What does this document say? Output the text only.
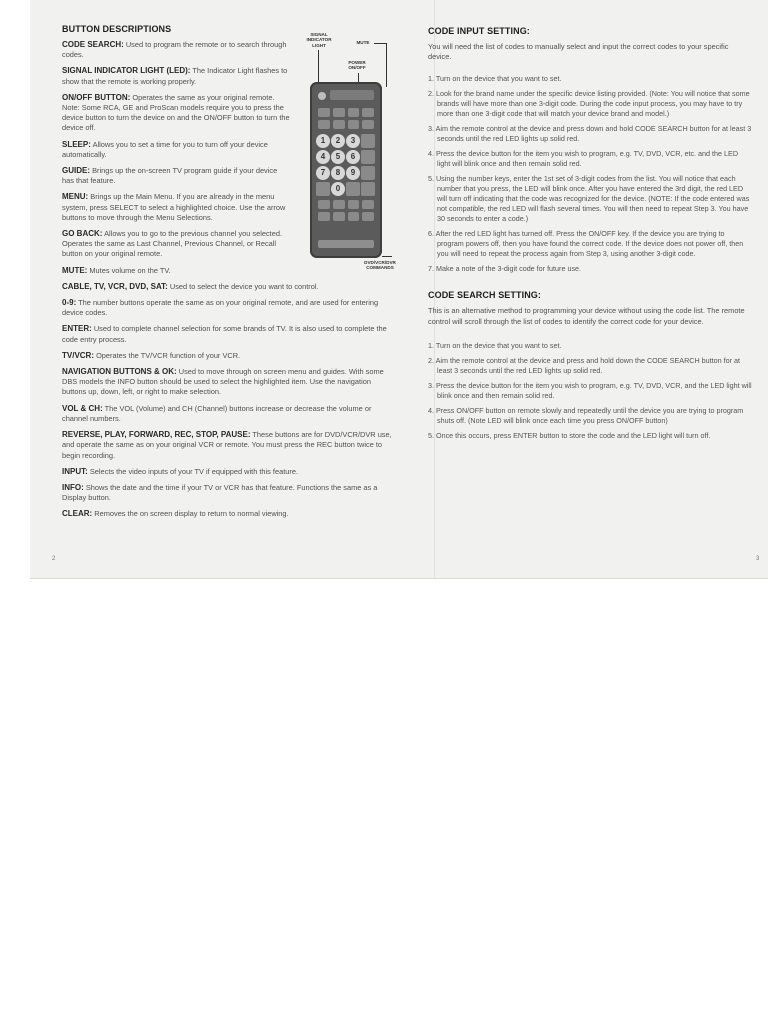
BUTTON DESCRIPTIONS
CODE SEARCH: Used to program the remote or to search through codes.
SIGNAL INDICATOR LIGHT (LED): The Indicator Light flashes to show that the remote is working properly.
ON/OFF BUTTON: Operates the same as your original remote. Note: Some RCA, GE and ProScan models require you to press the device button to turn the device on and the ON/OFF button to turn the device off.
SLEEP: Allows you to set a time for you to turn off your device automatically.
GUIDE: Brings up the on-screen TV program guide if your device has that feature.
MENU: Brings up the Main Menu. If you are already in the menu system, press SELECT to select a highlighted choice. Use the arrow buttons to move through the Menu Selections.
GO BACK: Allows you to go to the previous channel you selected. Operates the same as Last Channel, Previous Channel, or Recall button on your original remote.
MUTE: Mutes volume on the TV.
CABLE, TV, VCR, DVD, SAT: Used to select the device you want to control.
0-9: The number buttons operate the same as on your original remote, and are used for entering device codes.
ENTER: Used to complete channel selection for some brands of TV. It is also used to complete the code entry process.
TV/VCR: Operates the TV/VCR function of your VCR.
NAVIGATION BUTTONS & OK: Used to move through on screen menu and guides. With some DBS models the INFO button should be used to select the highlighted item. Use the navigation buttons up, down, left, or right to make selection.
VOL & CH: The VOL (Volume) and CH (Channel) buttons increase or decrease the volume or channel numbers.
REVERSE, PLAY, FORWARD, REC, STOP, PAUSE: These buttons are for DVD/VCR/DVR use, and operate the same as on your original VCR or remote. You must press the REC button twice to begin recording.
INPUT: Selects the video inputs of your TV if equipped with this feature.
INFO: Shows the date and the time if your TV or VCR has that feature. Functions the same as a Display button.
CLEAR: Removes the on screen display to return to normal viewing.
SIGNAL INDICATOR LIGHT
MUTE
POWER ON/OFF
1	2	3
4	5	6
7	8	9
0
DVD/VCR/DVR COMMANDS
2
CODE INPUT SETTING:
You will need the list of codes to manually select and input the correct codes to your specific device.
1. Turn on the device that you want to set.
2. Look for the brand name under the specific device listing provided. (Note: You will notice that some brands will have more than one 3-digit code. During the code input process, you may have to try more than one 3-digit code that will match your device brand and model.)
3. Aim the remote control at the device and press down and hold CODE SEARCH button for at least 3 seconds until the red LED lights up solid red.
4. Press the device button for the item you wish to program, e.g. TV, DVD, VCR, etc. and the LED light will blink once and then remain solid red.
5. Using the number keys, enter the 1st set of 3-digit codes from the list. You will notice that each number that you press, the LED will blink once. After you have entered the 3rd digit, the red LED will turn off indicating that the code was recognized for the device. (NOTE: If the code entered was not compatible, the red LED will flash several times. You will then need to repeat Step 3. You have 30 seconds to enter a code.)
6. After the red LED light has turned off. Press the ON/OFF key. If the device you are trying to program powers off, then you have found the correct code. If the device does not power off, then you will need to repeat the process again from Step 3, using another 3-digit code.
7. Make a note of the 3-digit code for future use.
CODE SEARCH SETTING:
This is an alternative method to programming your device without using the code list. The remote control will scroll through the list of codes to identify the correct code for your device.
1. Turn on the device that you want to set.
2. Aim the remote control at the device and press and hold down the CODE SEARCH button for at least 3 seconds until the red LED lights up solid red.
3. Press the device button for the item you wish to program, e.g. TV, DVD, VCR, and the LED light will blink once and then remain solid red.
4. Press ON/OFF button on remote slowly and repeatedly until the device you are trying to program shuts off. (Note LED will blink once each time you press ON/OFF button)
5. Once this occurs, press ENTER button to store the code and the LED light will turn off.
3
